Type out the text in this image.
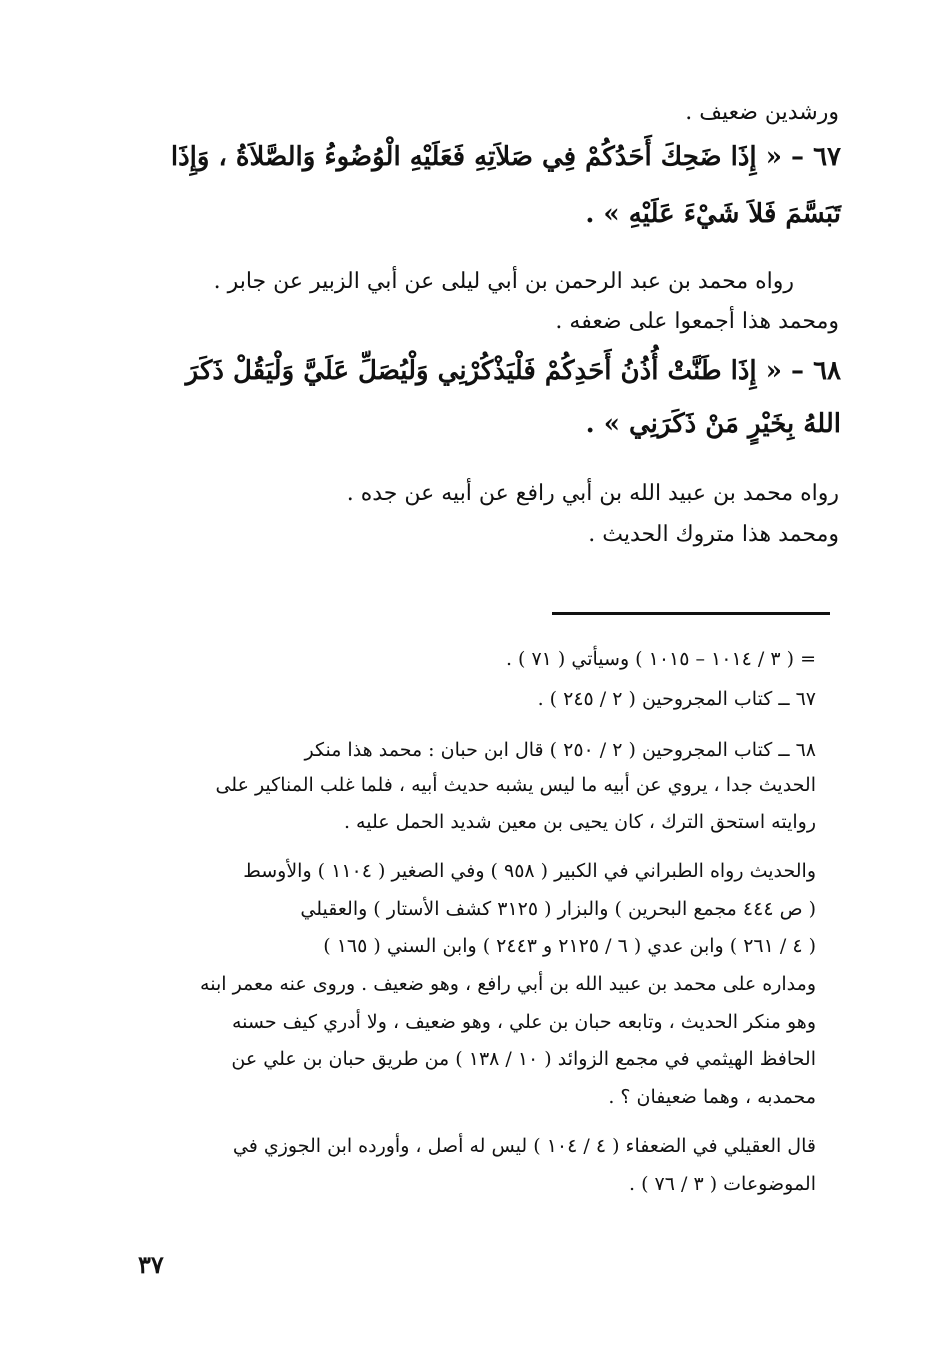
ورشدين ضعيف .
٦٧ – « إِذَا ضَحِكَ أَحَدُكُمْ فِي صَلاَتِهِ فَعَلَيْهِ الْوُضُوءُ وَالصَّلاَةُ ، وَإِذَا
تَبَسَّمَ فَلاَ شَيْءَ عَلَيْهِ » .
رواه محمد بن عبد الرحمن بن أبي ليلى عن أبي الزبير عن جابر .
ومحمد هذا أجمعوا على ضعفه .
٦٨ – « إِذَا طَنَّتْ أُذُنُ أَحَدِكُمْ فَلْيَذْكُرْنِي وَلْيُصَلِّ عَلَيَّ وَلْيَقُلْ ذَكَرَ
اللهُ بِخَيْرٍ مَنْ ذَكَرَنِي » .
رواه محمد بن عبيد الله بن أبي رافع عن أبيه عن جده .
ومحمد هذا متروك الحديث .
= ( ٣ / ١٠١٤ – ١٠١٥ ) وسيأتي ( ٧١ ) .
٦٧ ــ كتاب المجروحين ( ٢ / ٢٤٥ ) .
٦٨ ــ كتاب المجروحين ( ٢ / ٢٥٠ ) قال ابن حبان : محمد هذا منكر
الحديث جدا ، يروي عن أبيه ما ليس يشبه حديث أبيه ، فلما غلب المناكير على
روايته استحق الترك ، كان يحيى بن معين شديد الحمل عليه .
والحديث رواه الطبراني في الكبير ( ٩٥٨ ) وفي الصغير ( ١١٠٤ ) والأوسط
( ص ٤٤٤ مجمع البحرين ) والبزار ( ٣١٢٥ كشف الأستار ) والعقيلي
( ٤ / ٢٦١ ) وابن عدي ( ٦ / ٢١٢٥ و ٢٤٤٣ ) وابن السني ( ١٦٥ )
ومداره على محمد بن عبيد الله بن أبي رافع ، وهو ضعيف . وروى عنه معمر ابنه
وهو منكر الحديث ، وتابعه حبان بن علي ، وهو ضعيف ، ولا أدري كيف حسنه
الحافظ الهيثمي في مجمع الزوائد ( ١٠ / ١٣٨ ) من طريق حبان بن علي عن
محمدبه ، وهما ضعيفان ؟ .
قال العقيلي في الضعفاء ( ٤ / ١٠٤ ) ليس له أصل ، وأورده ابن الجوزي في
الموضوعات ( ٣ / ٧٦ ) .
٣٧
